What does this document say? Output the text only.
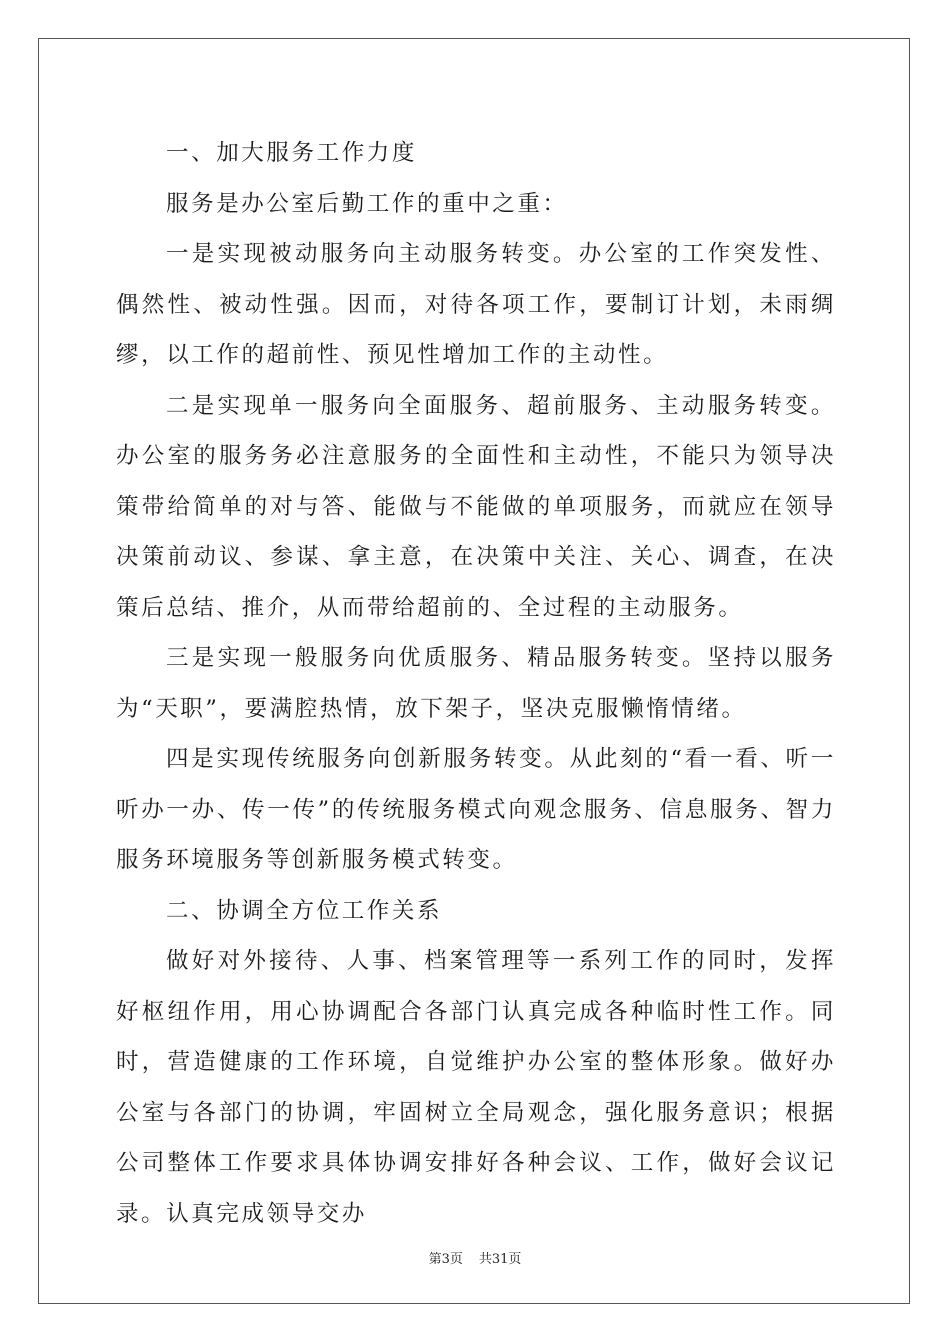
一、加大服务工作力度

服务是办公室后勤工作的重中之重：

一是实现被动服务向主动服务转变。办公室的工作突发性、偶然性、被动性强。因而，对待各项工作，要制订计划，未雨绸缪，以工作的超前性、预见性增加工作的主动性。

二是实现单一服务向全面服务、超前服务、主动服务转变。办公室的服务务必注意服务的全面性和主动性，不能只为领导决策带给简单的对与答、能做与不能做的单项服务，而就应在领导决策前动议、参谋、拿主意，在决策中关注、关心、调查，在决策后总结、推介，从而带给超前的、全过程的主动服务。

三是实现一般服务向优质服务、精品服务转变。坚持以服务为“天职”，要满腔热情，放下架子，坚决克服懒惰情绪。

四是实现传统服务向创新服务转变。从此刻的“看一看、听一听办一办、传一传”的传统服务模式向观念服务、信息服务、智力服务环境服务等创新服务模式转变。

二、协调全方位工作关系

做好对外接待、人事、档案管理等一系列工作的同时，发挥好枢纽作用，用心协调配合各部门认真完成各种临时性工作。同时，营造健康的工作环境，自觉维护办公室的整体形象。做好办公室与各部门的协调，牢固树立全局观念，强化服务意识；根据公司整体工作要求具体协调安排好各种会议、工作，做好会议记录。认真完成领导交办

第3页 共31页
